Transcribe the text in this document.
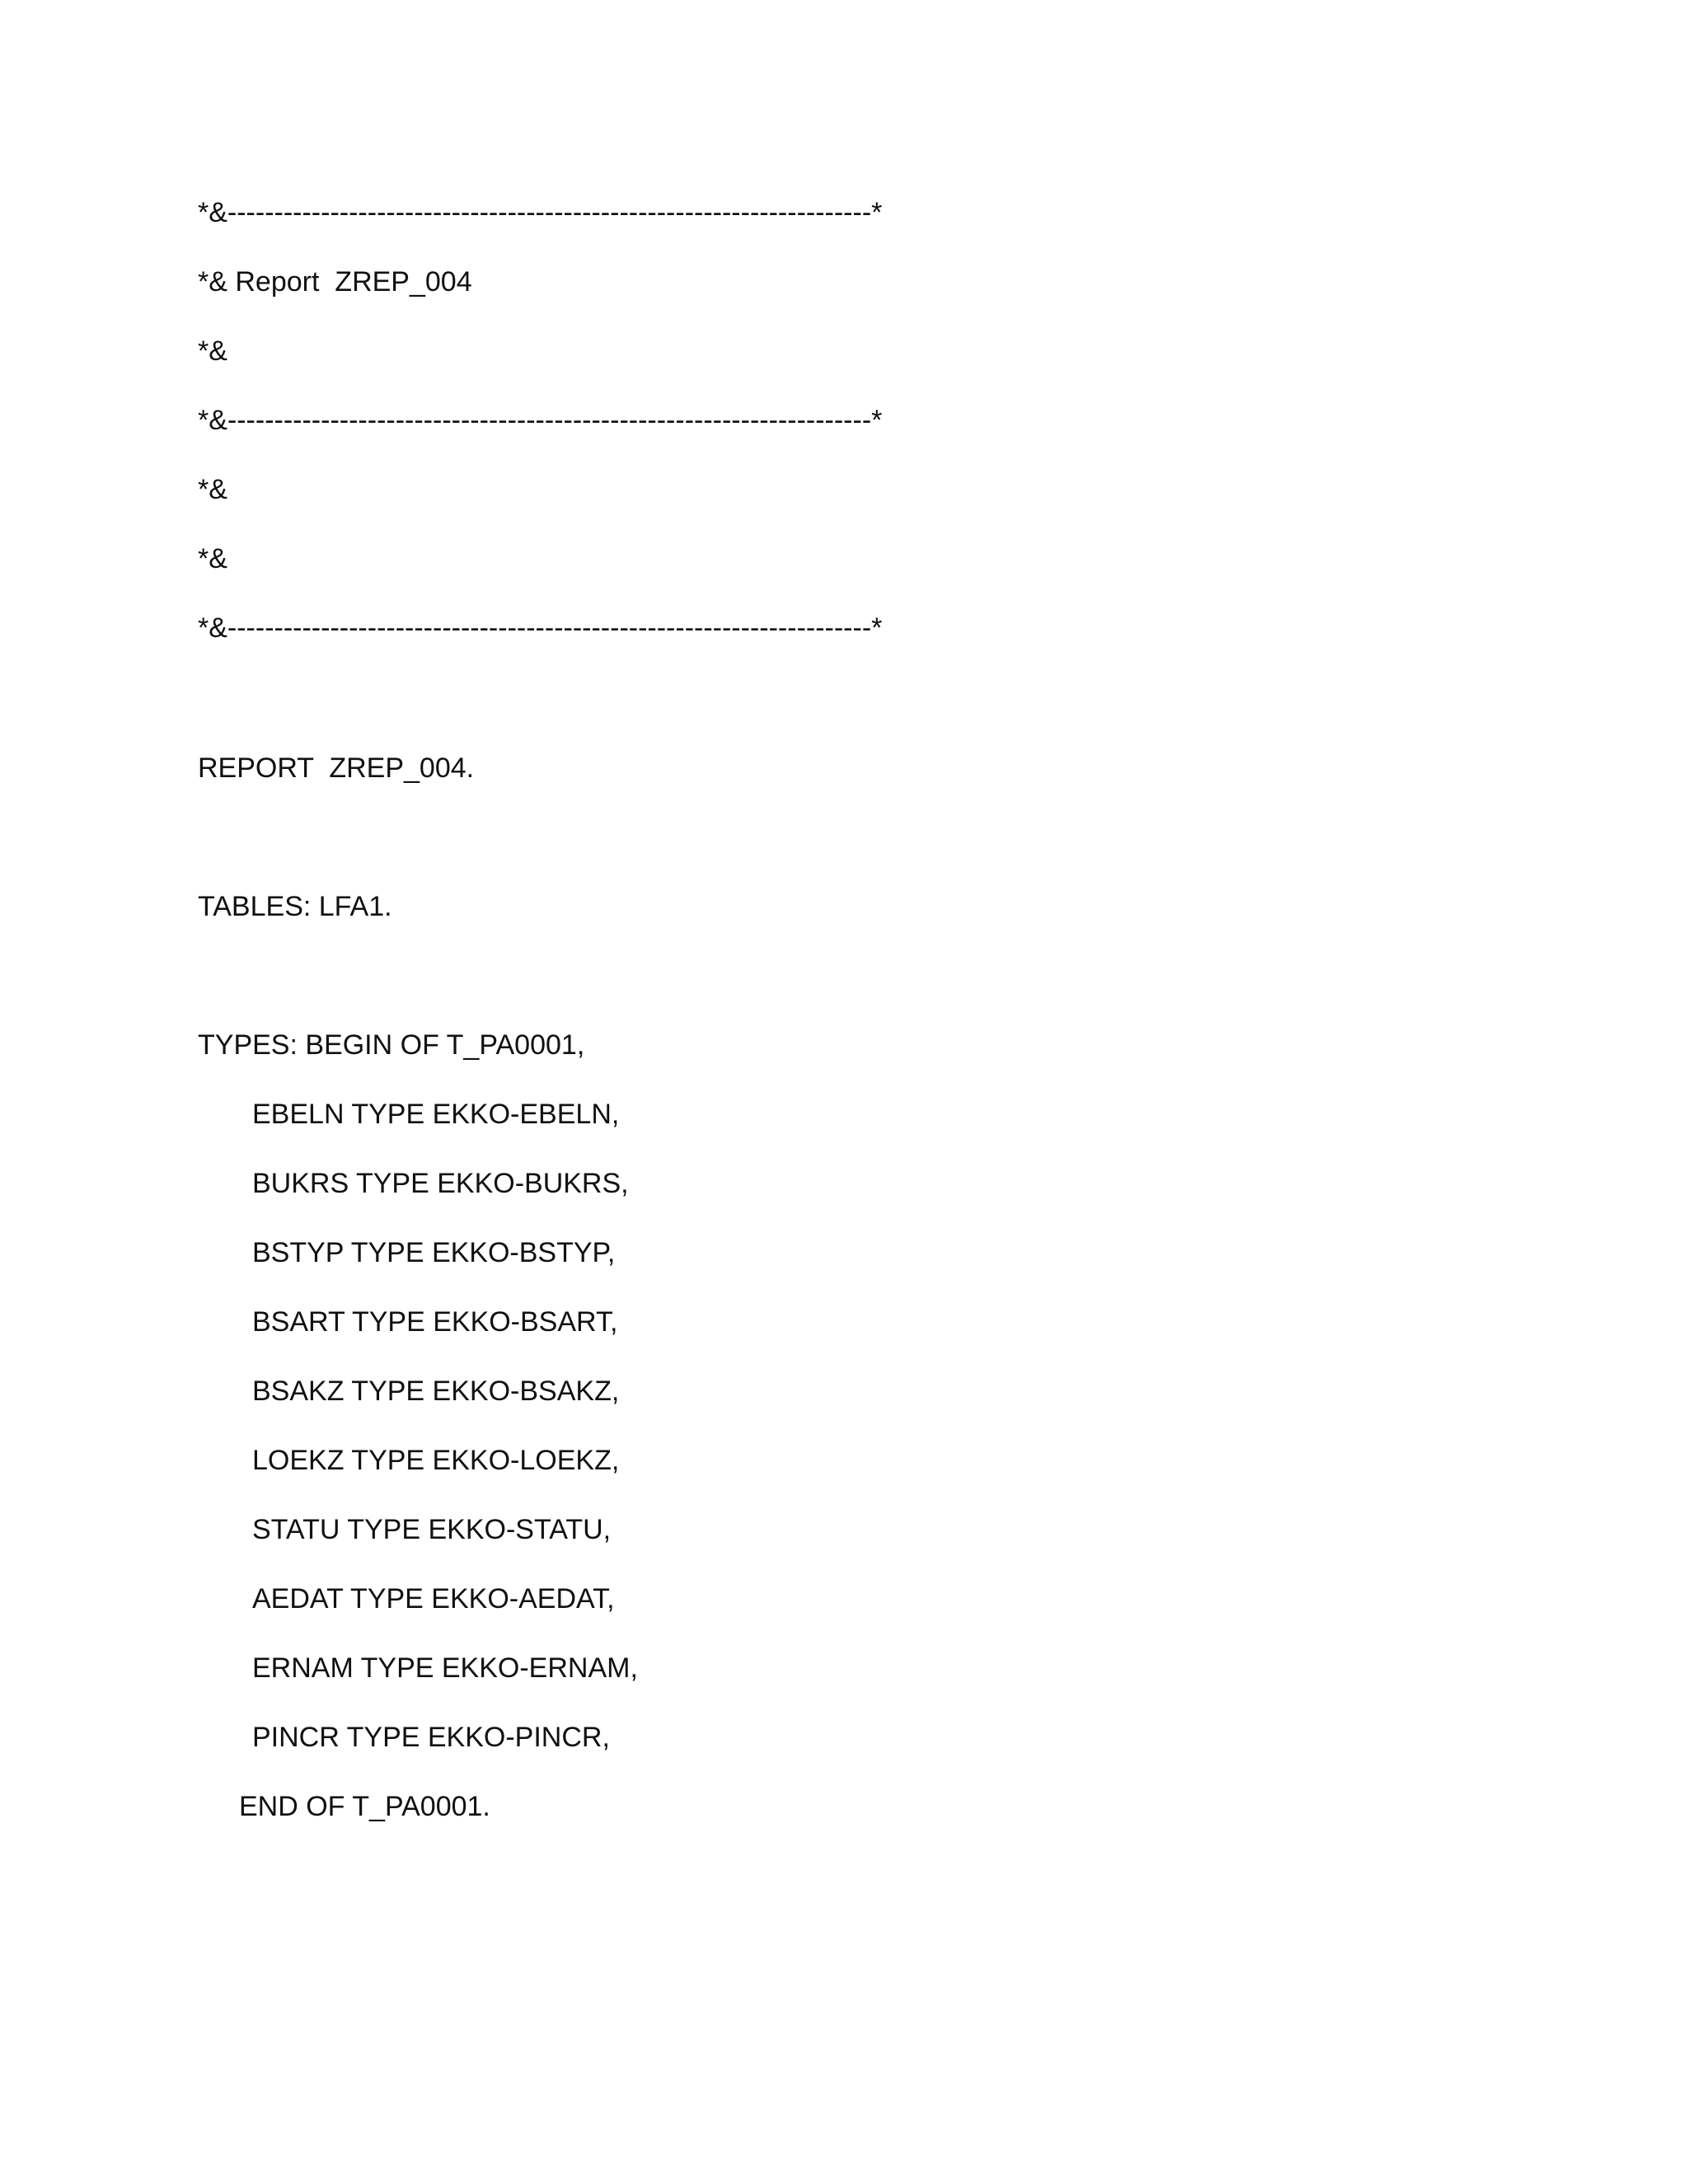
*&---------------------------------------------------------------------*
*& Report  ZREP_004
*&
*&---------------------------------------------------------------------*
*&
*&
*&---------------------------------------------------------------------*
REPORT  ZREP_004.
TABLES: LFA1.
TYPES: BEGIN OF T_PA0001,
EBELN TYPE EKKO-EBELN,
BUKRS TYPE EKKO-BUKRS,
BSTYP TYPE EKKO-BSTYP,
BSART TYPE EKKO-BSART,
BSAKZ TYPE EKKO-BSAKZ,
LOEKZ TYPE EKKO-LOEKZ,
STATU TYPE EKKO-STATU,
AEDAT TYPE EKKO-AEDAT,
ERNAM TYPE EKKO-ERNAM,
PINCR TYPE EKKO-PINCR,
END OF T_PA0001.
